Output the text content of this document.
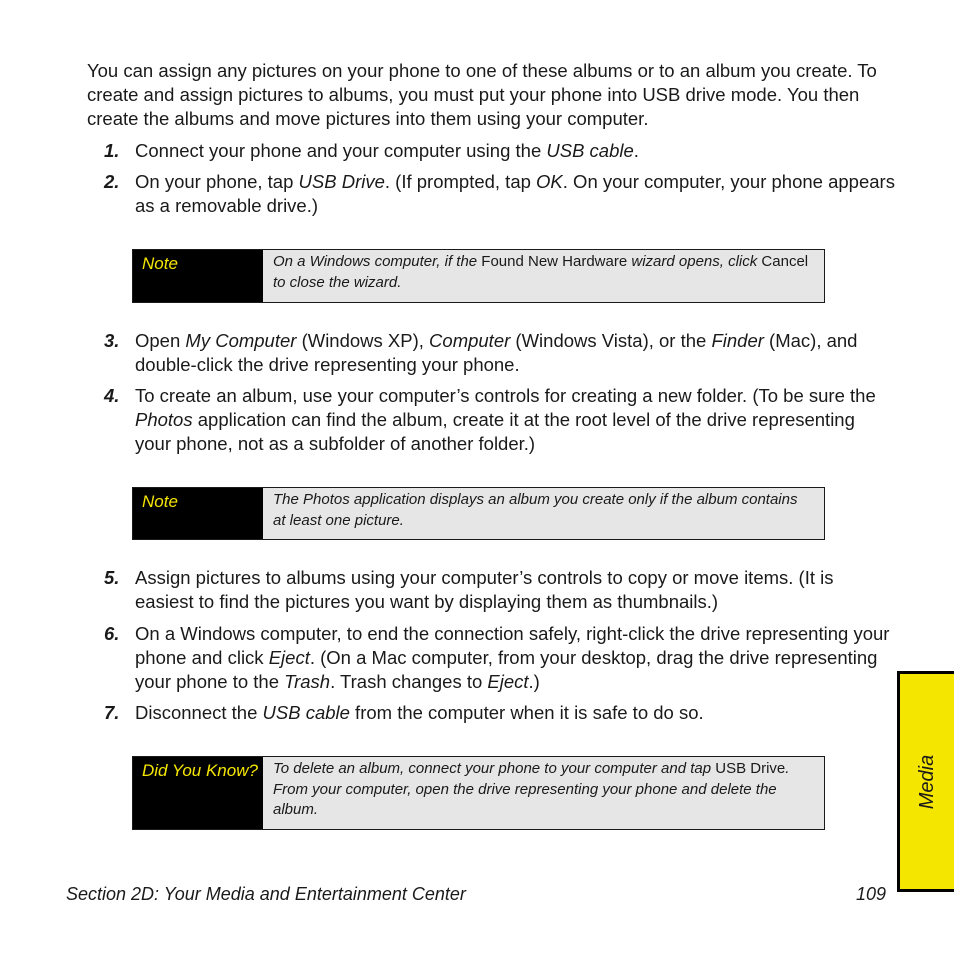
You can assign any pictures on your phone to one of these albums or to an album you create. To create and assign pictures to albums, you must put your phone into USB drive mode. You then create the albums and move pictures into them using your computer.
1. Connect your phone and your computer using the USB cable.
2. On your phone, tap USB Drive. (If prompted, tap OK. On your computer, your phone appears as a removable drive.)
Note	On a Windows computer, if the Found New Hardware wizard opens, click Cancel to close the wizard.
3. Open My Computer (Windows XP), Computer (Windows Vista), or the Finder (Mac), and double-click the drive representing your phone.
4. To create an album, use your computer’s controls for creating a new folder. (To be sure the Photos application can find the album, create it at the root level of the drive representing your phone, not as a subfolder of another folder.)
Note	The Photos application displays an album you create only if the album contains at least one picture.
5. Assign pictures to albums using your computer’s controls to copy or move items. (It is easiest to find the pictures you want by displaying them as thumbnails.)
6. On a Windows computer, to end the connection safely, right-click the drive representing your phone and click Eject. (On a Mac computer, from your desktop, drag the drive representing your phone to the Trash. Trash changes to Eject.)
7. Disconnect the USB cable from the computer when it is safe to do so.
Did You Know?	To delete an album, connect your phone to your computer and tap USB Drive. From your computer, open the drive representing your phone and delete the album.
Section 2D: Your Media and Entertainment Center	109
Media
